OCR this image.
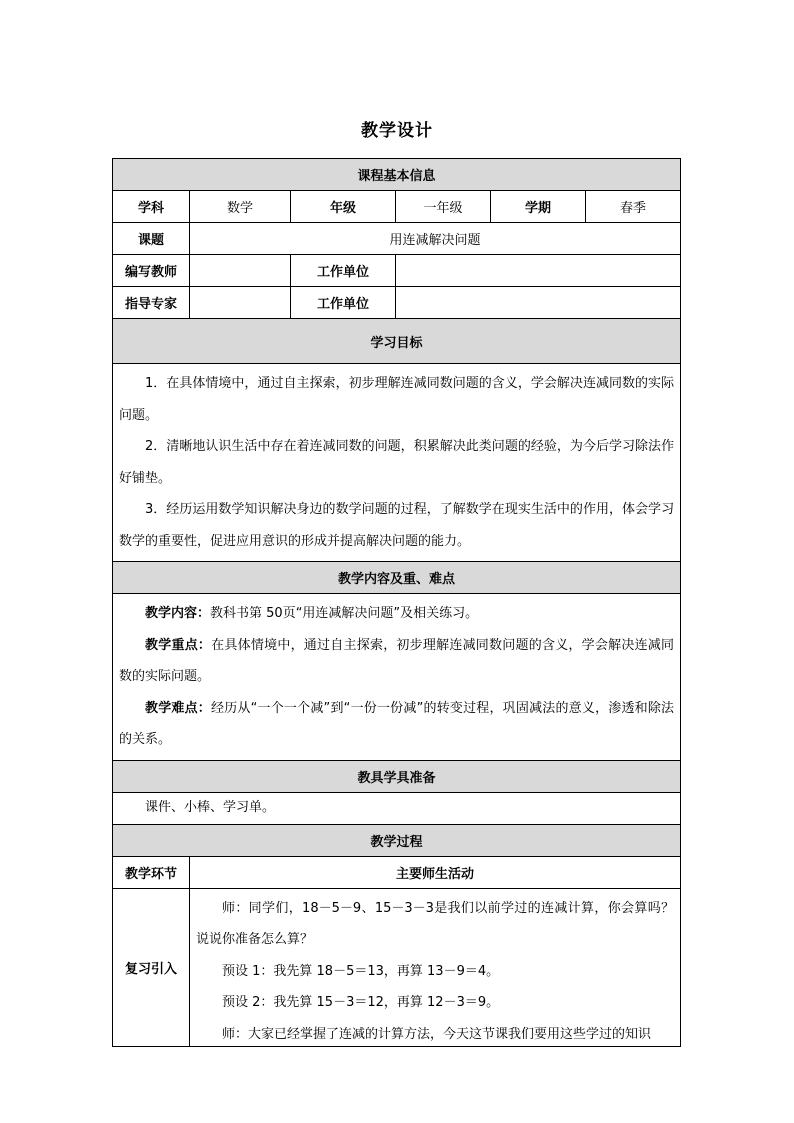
教学设计
课程基本信息					
学科	数学	年级	一年级	学期	春季
课题	用连减解决问题				
编写教师		工作单位			
指导专家		工作单位			
学习目标					

1．在具体情境中，通过自主探索，初步理解连减同数问题的含义，学会解决连减同数的实际问题。

2．清晰地认识生活中存在着连减同数的问题，积累解决此类问题的经验，为今后学习除法作好铺垫。

3．经历运用数学知识解决身边的数学问题的过程，了解数学在现实生活中的作用，体会学习数学的重要性，促进应用意识的形成并提高解决问题的能力。					

教学内容及重、难点					

教学内容：教科书第 50页“用连减解决问题”及相关练习。

教学重点：在具体情境中，通过自主探索，初步理解连减同数问题的含义，学会解决连减同数的实际问题。

教学难点：经历从“一个一个减”到“一份一份减”的转变过程，巩固减法的意义，渗透和除法的关系。					

教具学具准备					

课件、小棒、学习单。					

教学过程					
教学环节	主要师生活动				
复习引入	师：同学们，18－5－9、15－3－3是我们以前学过的连减计算，你会算吗？说说你准备怎么算？

预设 1：我先算 18－5＝13，再算 13－9＝4。

预设 2：我先算 15－3＝12，再算 12－3＝9。

师：大家已经掌握了连减的计算方法，今天这节课我们要用这些学过的知识				
